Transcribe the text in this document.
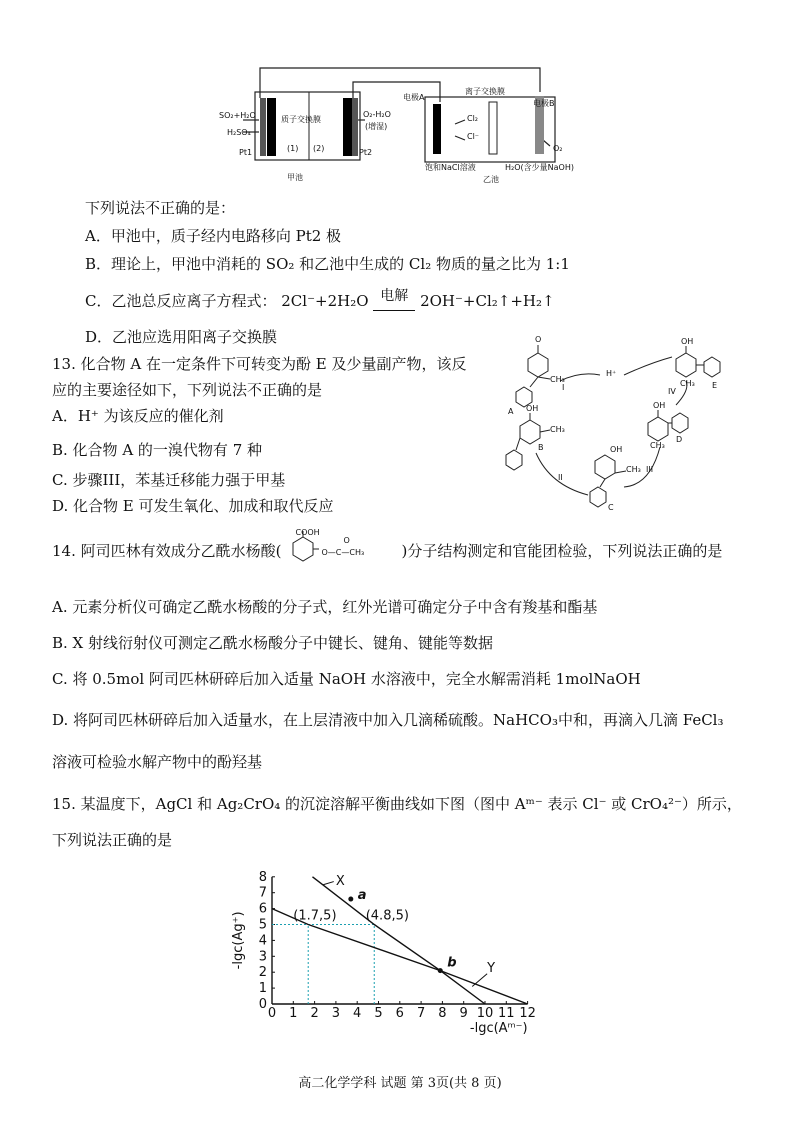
SO₂+H₂O
H₂SO₄
Pt1
质子交换膜
(1) (2)
O₂-H₂O
(增湿)
Pt2
甲池
电极A
离子交换膜
电极B
Cl₂
Cl⁻
O₂
饱和NaCl溶液	H₂O(含少量NaOH)
乙池
下列说法不正确的是：
A．甲池中，质子经内电路移向 Pt2 极
B．理论上，甲池中消耗的 SO₂ 和乙池中生成的 Cl₂ 物质的量之比为 1:1
C．乙池总反应离子方程式： 2Cl⁻+2H₂O 电解 2OH⁻+Cl₂↑+H₂↑
D．乙池应选用阳离子交换膜
13. 化合物 A 在一定条件下可转变为酚 E 及少量副产物，该反
应的主要途径如下，下列说法不正确的是
A．H⁺ 为该反应的催化剂
B. 化合物 A 的一溴代物有 7 种
C. 步骤III，苯基迁移能力强于甲基
D. 化合物 E 可发生氧化、加成和取代反应
O
CH₃
A
I
H⁺
OH
CH₃
B
II
OH
CH₃
C
III
OH
CH₃
D
IV
OH
CH₃ E
14. 阿司匹林有效成分乙酰水杨酸(
COOH
O—C—CH₃
O
)分子结构测定和官能团检验，下列说法正确的是
A. 元素分析仪可确定乙酰水杨酸的分子式，红外光谱可确定分子中含有羧基和酯基
B. X 射线衍射仪可测定乙酰水杨酸分子中键长、键角、键能等数据
C. 将 0.5mol 阿司匹林研碎后加入适量 NaOH 水溶液中，完全水解需消耗 1molNaOH
D. 将阿司匹林研碎后加入适量水，在上层清液中加入几滴稀硫酸。NaHCO₃中和，再滴入几滴 FeCl₃
溶液可检验水解产物中的酚羟基
15. 某温度下，AgCl 和 Ag₂CrO₄ 的沉淀溶解平衡曲线如下图（图中 Aᵐ⁻ 表示 Cl⁻ 或 CrO₄²⁻）所示，
下列说法正确的是
0 1 2 3 4 5 6 7 8 9 10 11 12
0
1
2
3
4
5
6
7
8	X
Y
a
b
(1.7,5) (4.8,5)
-lgc(Aᵐ⁻)
-lgc(Ag⁺)
高二化学学科 试题 第 3页(共 8 页)
